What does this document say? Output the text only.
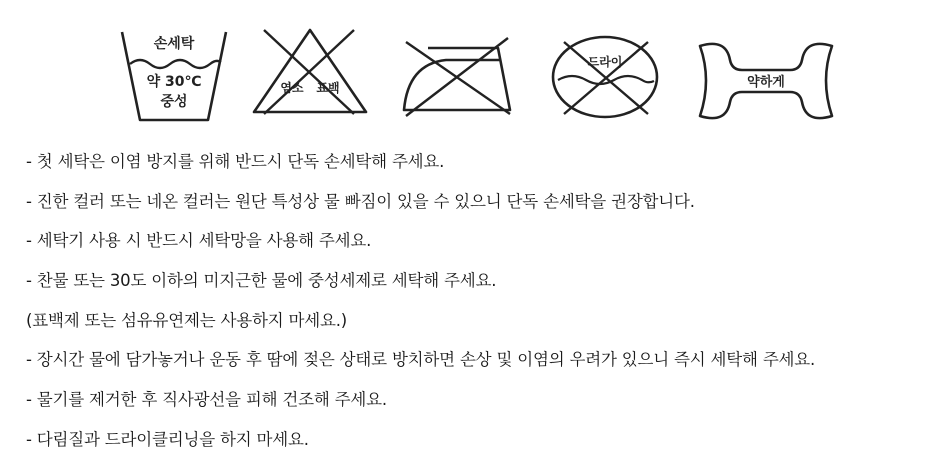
손세탁
약 30℃
중성
염소 표백
드라이
약하게
- 첫 세탁은 이염 방지를 위해 반드시 단독 손세탁해 주세요.
- 진한 컬러 또는 네온 컬러는 원단 특성상 물 빠짐이 있을 수 있으니 단독 손세탁을 권장합니다.
- 세탁기 사용 시 반드시 세탁망을 사용해 주세요.
- 찬물 또는 30도 이하의 미지근한 물에 중성세제로 세탁해 주세요.
(표백제 또는 섬유유연제는 사용하지 마세요.)
- 장시간 물에 담가놓거나 운동 후 땀에 젖은 상태로 방치하면 손상 및 이염의 우려가 있으니 즉시 세탁해 주세요.
- 물기를 제거한 후 직사광선을 피해 건조해 주세요.
- 다림질과 드라이클리닝을 하지 마세요.
